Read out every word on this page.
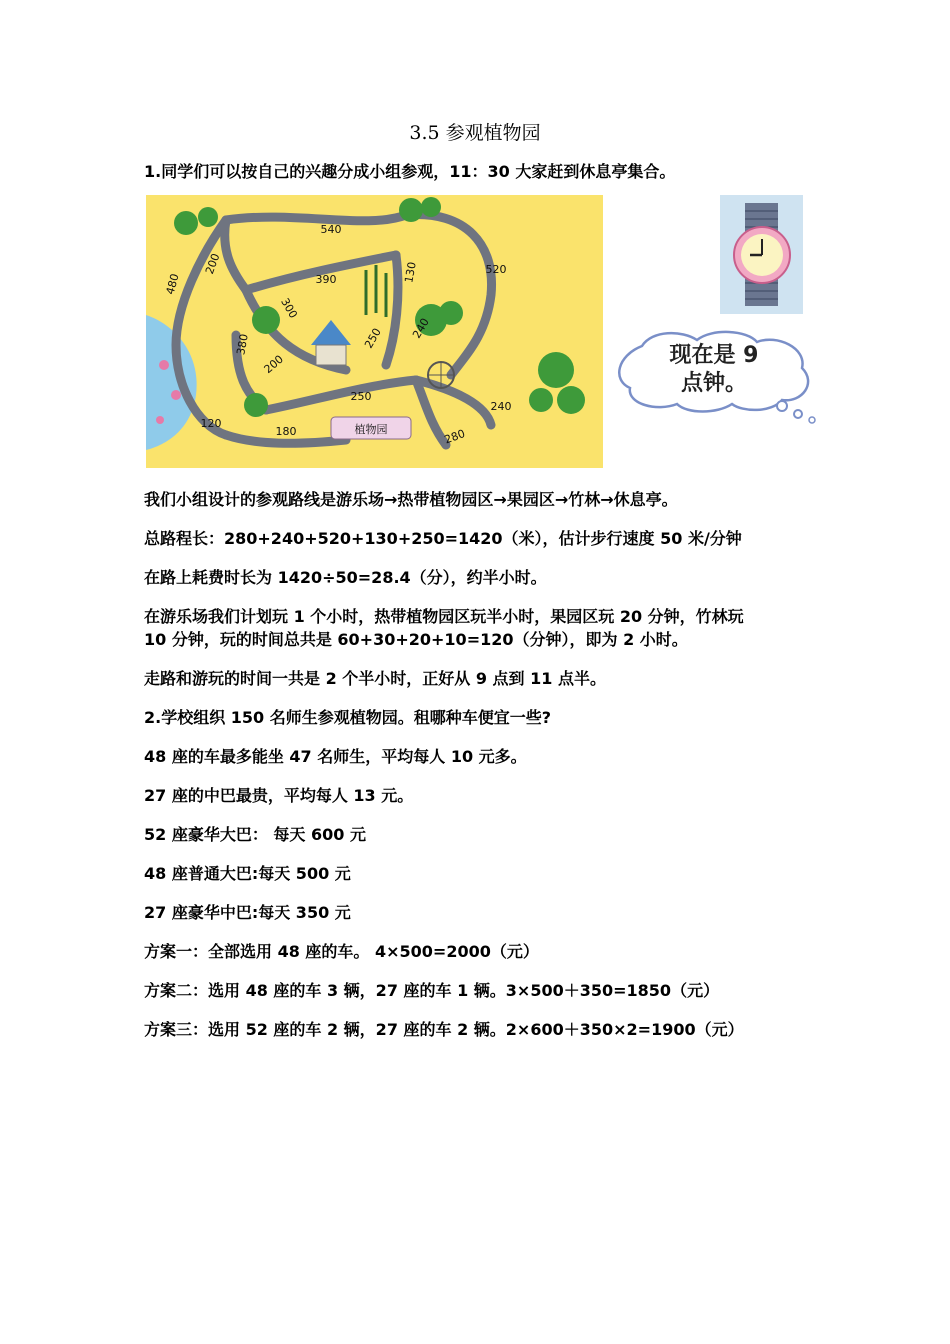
3.5 参观植物园
1.同学们可以按自己的兴趣分成小组参观，11：30 大家赶到休息亭集合。
植物园
540
480
200
390	130	520
300
380	250 240
200
250
240
120
180	280
现在是 9
点钟。
我们小组设计的参观路线是游乐场→热带植物园区→果园区→竹林→休息亭。
总路程长：280+240+520+130+250=1420（米），估计步行速度 50 米/分钟
在路上耗费时长为 1420÷50=28.4（分），约半小时。
在游乐场我们计划玩 1 个小时，热带植物园区玩半小时，果园区玩 20 分钟，竹林玩
10 分钟，玩的时间总共是 60+30+20+10=120（分钟），即为 2 小时。
走路和游玩的时间一共是 2 个半小时，正好从 9 点到 11 点半。
2.学校组织 150 名师生参观植物园。租哪种车便宜一些?
48 座的车最多能坐 47 名师生，平均每人 10 元多。
27 座的中巴最贵，平均每人 13 元。
52 座豪华大巴： 每天 600 元
48 座普通大巴:每天 500 元
27 座豪华中巴:每天 350 元
方案一：全部选用 48 座的车。 4×500=2000（元）
方案二：选用 48 座的车 3 辆，27 座的车 1 辆。3×500＋350=1850（元）
方案三：选用 52 座的车 2 辆，27 座的车 2 辆。2×600＋350×2=1900（元）
